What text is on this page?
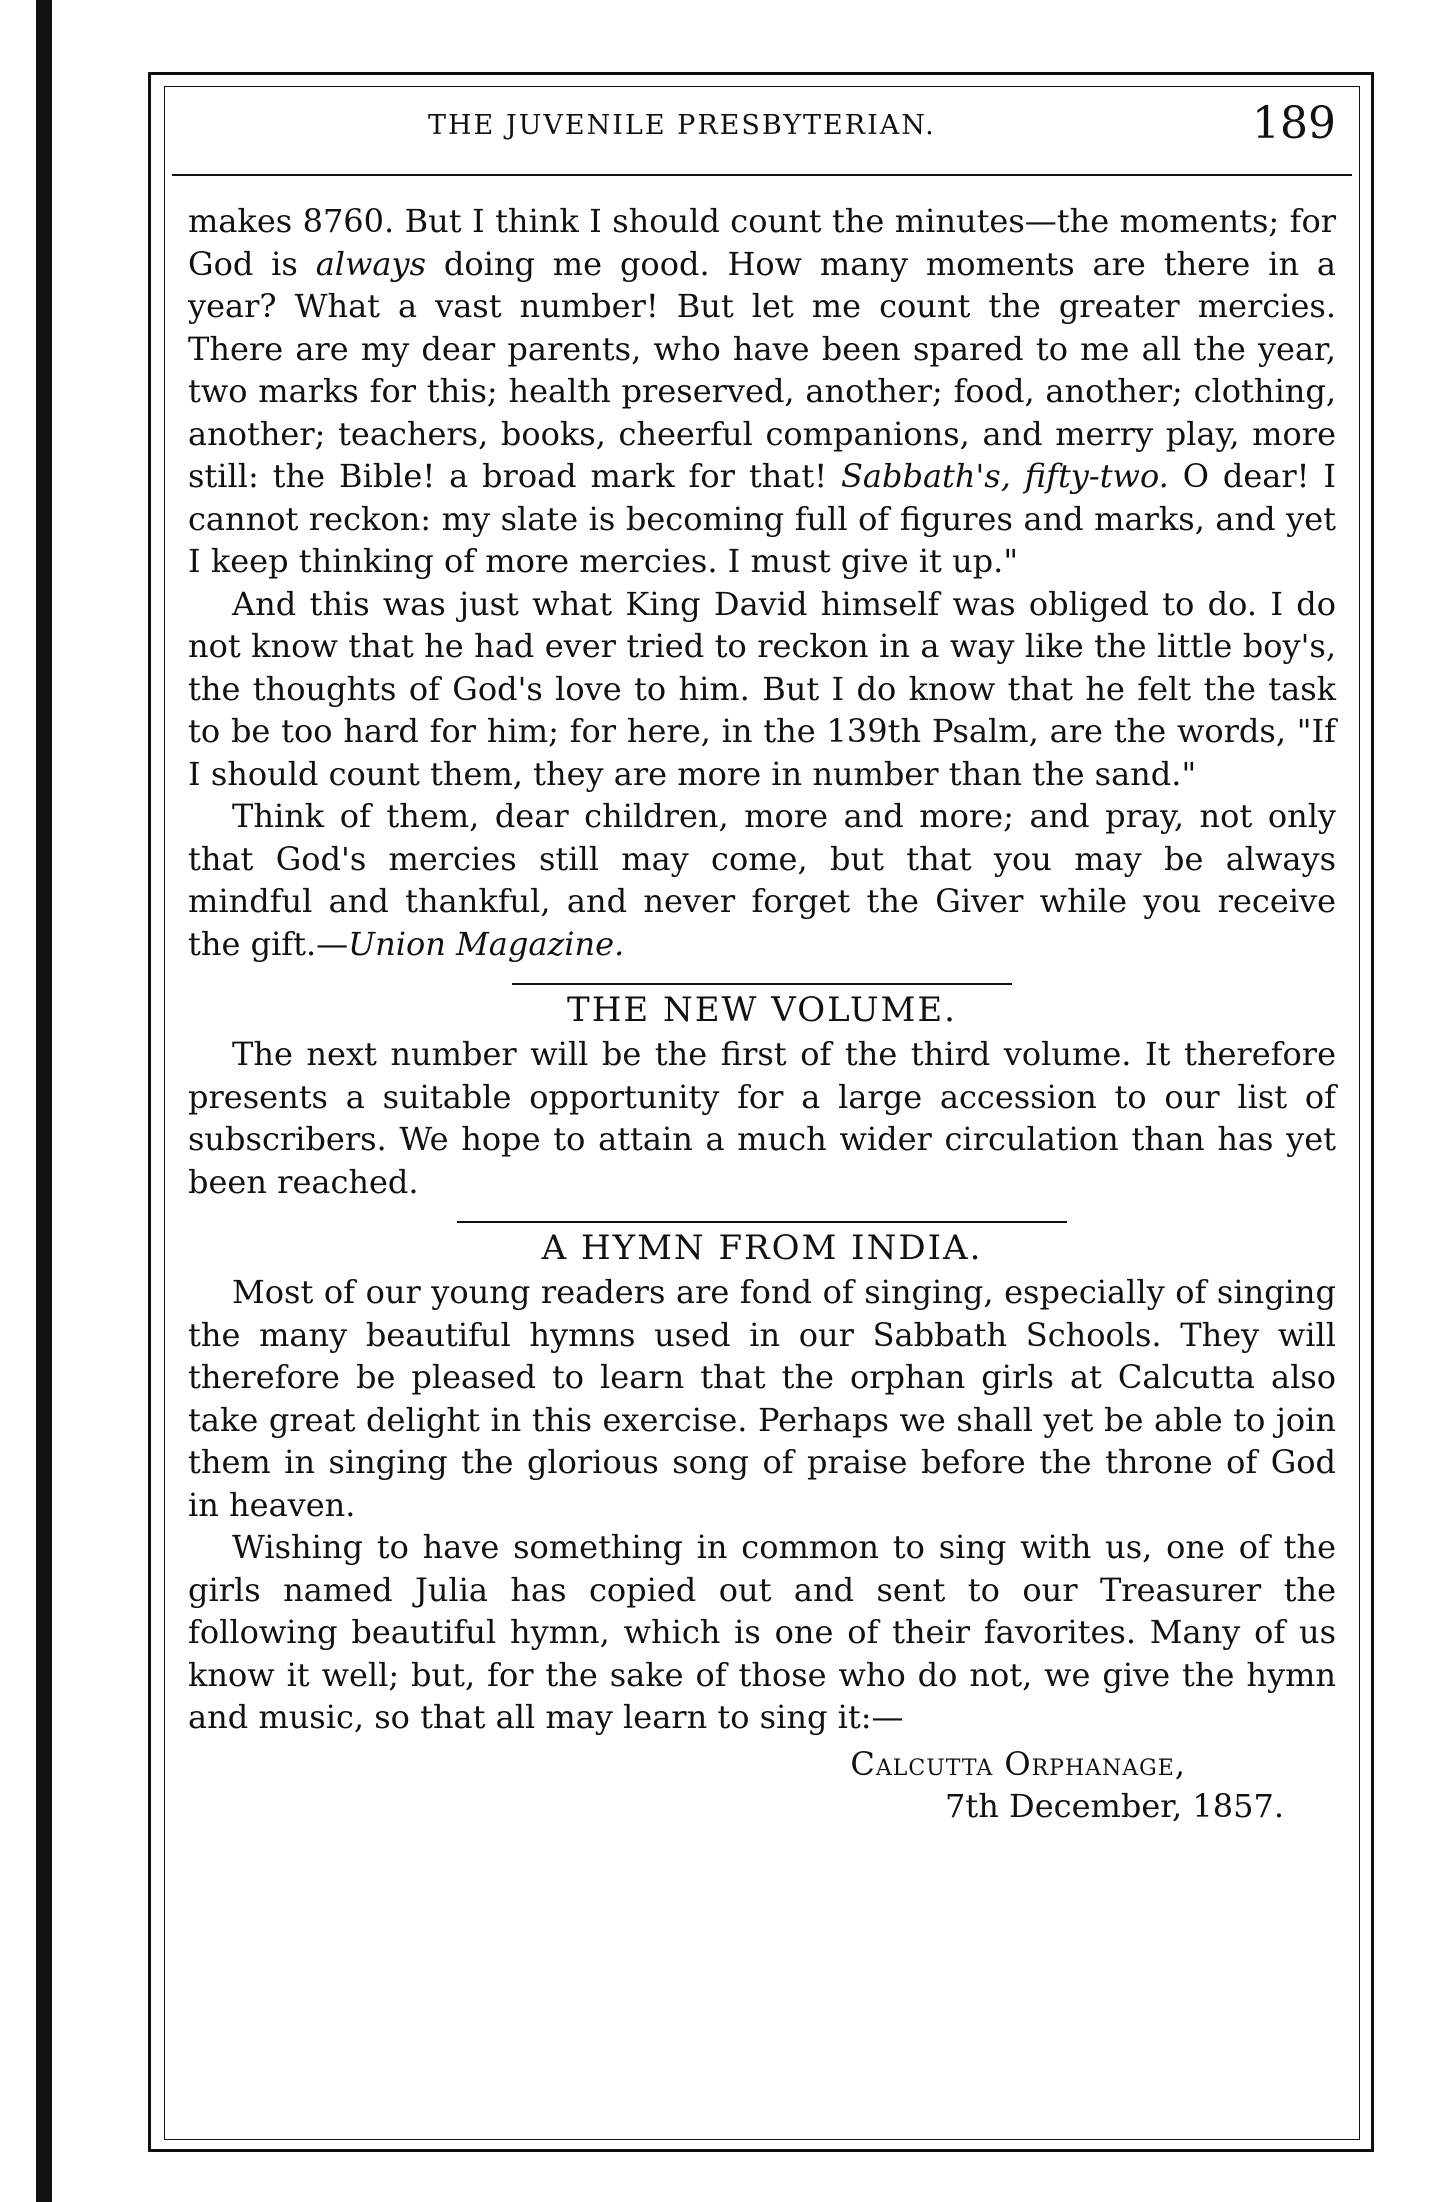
THE JUVENILE PRESBYTERIAN.	189

makes 8760. But I think I should count the minutes—the moments; for God is always doing me good. How many moments are there in a year? What a vast number! But let me count the greater mercies. There are my dear parents, who have been spared to me all the year, two marks for this; health preserved, another; food, another; clothing, another; teachers, books, cheerful companions, and merry play, more still: the Bible! a broad mark for that! Sabbath's, fifty-two. O dear! I cannot reckon: my slate is becoming full of figures and marks, and yet I keep thinking of more mercies. I must give it up."

And this was just what King David himself was obliged to do. I do not know that he had ever tried to reckon in a way like the little boy's, the thoughts of God's love to him. But I do know that he felt the task to be too hard for him; for here, in the 139th Psalm, are the words, "If I should count them, they are more in number than the sand."

Think of them, dear children, more and more; and pray, not only that God's mercies still may come, but that you may be always mindful and thankful, and never forget the Giver while you receive the gift.—Union Magazine.

THE NEW VOLUME.

The next number will be the first of the third volume. It therefore presents a suitable opportunity for a large accession to our list of subscribers. We hope to attain a much wider circulation than has yet been reached.

A HYMN FROM INDIA.

Most of our young readers are fond of singing, especially of singing the many beautiful hymns used in our Sabbath Schools. They will therefore be pleased to learn that the orphan girls at Calcutta also take great delight in this exercise. Perhaps we shall yet be able to join them in singing the glorious song of praise before the throne of God in heaven.

Wishing to have something in common to sing with us, one of the girls named Julia has copied out and sent to our Treasurer the following beautiful hymn, which is one of their favorites. Many of us know it well; but, for the sake of those who do not, we give the hymn and music, so that all may learn to sing it:—

Calcutta Orphanage,
7th December, 1857.
